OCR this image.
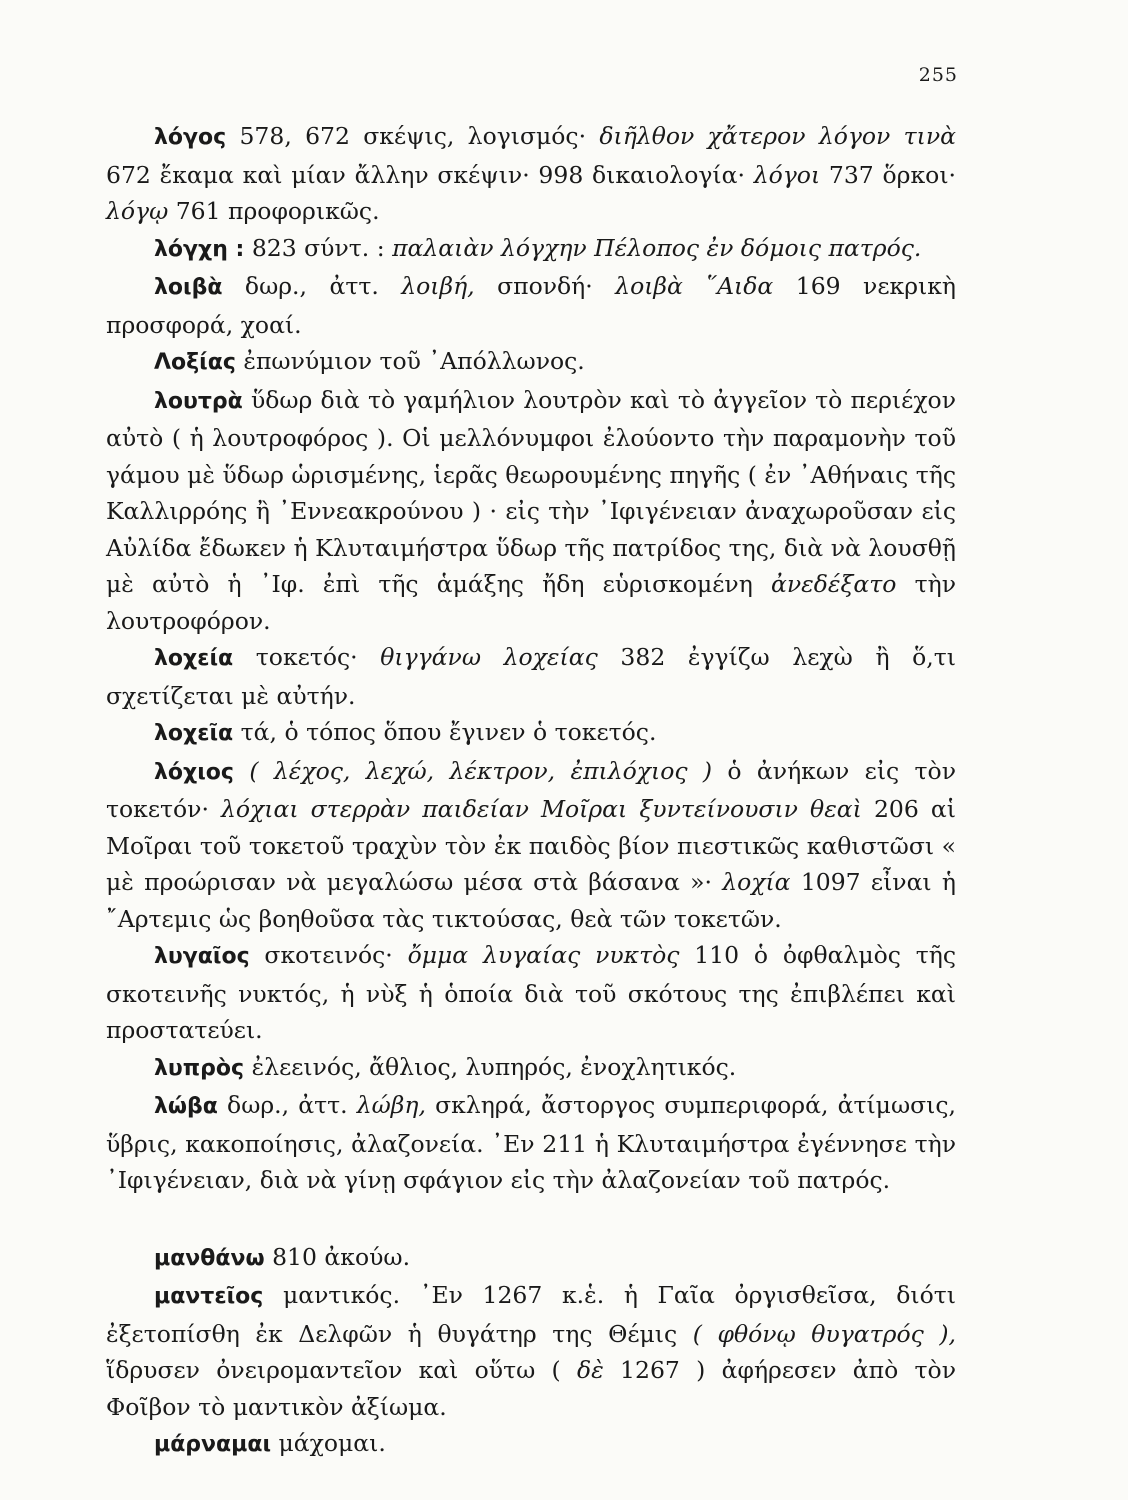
255

λόγος 578, 672 σκέψις, λογισμός· διῆλθον χἄτερον λόγον τινὰ 672 ἔκαμα καὶ μίαν ἄλλην σκέψιν· 998 δικαιολογία· λόγοι 737 ὅρκοι· λόγῳ 761 προφορικῶς.

λόγχη : 823 σύντ. : παλαιὰν λόγχην Πέλοπος ἐν δόμοις πατρός.

λοιβὰ δωρ., ἀττ. λοιβή, σπονδή· λοιβὰ ῞Αιδα 169 νεκρικὴ προσφορά, χοαί.

Λοξίας ἐπωνύμιον τοῦ ᾿Απόλλωνος.

λουτρὰ ὕδωρ διὰ τὸ γαμήλιον λουτρὸν καὶ τὸ ἀγγεῖον τὸ περιέχον αὐτὸ ( ἡ λουτροφόρος ). Οἱ μελλόνυμφοι ἐλούοντο τὴν παραμονὴν τοῦ γάμου μὲ ὕδωρ ὡρισμένης, ἱερᾶς θεωρουμένης πηγῆς ( ἐν ᾿Αθήναις τῆς Καλλιρρόης ἢ ᾿Εννεακρούνου ) · εἰς τὴν ᾿Ιφιγένειαν ἀναχωροῦσαν εἰς Αὐλίδα ἔδωκεν ἡ Κλυταιμήστρα ὕδωρ τῆς πατρίδος της, διὰ νὰ λουσθῇ μὲ αὐτὸ ἡ ᾿Ιφ. ἐπὶ τῆς ἁμάξης ἤδη εὑρισκομένη ἀνεδέξατο τὴν λουτροφόρον.

λοχεία τοκετός· θιγγάνω λοχείας 382 ἐγγίζω λεχὼ ἢ ὅ,τι σχετίζεται μὲ αὐτήν.

λοχεῖα τά, ὁ τόπος ὅπου ἔγινεν ὁ τοκετός.

λόχιος ( λέχος, λεχώ, λέκτρον, ἐπιλόχιος ) ὁ ἀνήκων εἰς τὸν τοκετόν· λόχιαι στερρὰν παιδείαν Μοῖραι ξυντείνουσιν θεαὶ 206 αἱ Μοῖραι τοῦ τοκετοῦ τραχὺν τὸν ἐκ παιδὸς βίον πιεστικῶς καθιστῶσι « μὲ προώρισαν νὰ μεγαλώσω μέσα στὰ βάσανα »· λοχία 1097 εἶναι ἡ ῎Αρτεμις ὡς βοηθοῦσα τὰς τικτούσας, θεὰ τῶν τοκετῶν.

λυγαῖος σκοτεινός· ὄμμα λυγαίας νυκτὸς 110 ὁ ὀφθαλμὸς τῆς σκοτεινῆς νυκτός, ἡ νὺξ ἡ ὁποία διὰ τοῦ σκότους της ἐπιβλέπει καὶ προστατεύει.

λυπρὸς ἐλεεινός, ἄθλιος, λυπηρός, ἐνοχλητικός.

λώβα δωρ., ἀττ. λώβη, σκληρά, ἄστοργος συμπεριφορά, ἀτίμωσις, ὕβρις, κακοποίησις, ἀλαζονεία. ᾿Εν 211 ἡ Κλυταιμήστρα ἐγέννησε τὴν ᾿Ιφιγένειαν, διὰ νὰ γίνῃ σφάγιον εἰς τὴν ἀλαζονείαν τοῦ πατρός.

μανθάνω 810 ἀκούω.

μαντεῖος μαντικός. ᾿Εν 1267 κ.ἑ. ἡ Γαῖα ὀργισθεῖσα, διότι ἐξετοπίσθη ἐκ Δελφῶν ἡ θυγάτηρ της Θέμις ( φθόνῳ θυγατρός ), ἵδρυσεν ὀνειρομαντεῖον καὶ οὕτω ( δὲ 1267 ) ἀφήρεσεν ἀπὸ τὸν Φοῖβον τὸ μαντικὸν ἀξίωμα.

μάρναμαι μάχομαι.
